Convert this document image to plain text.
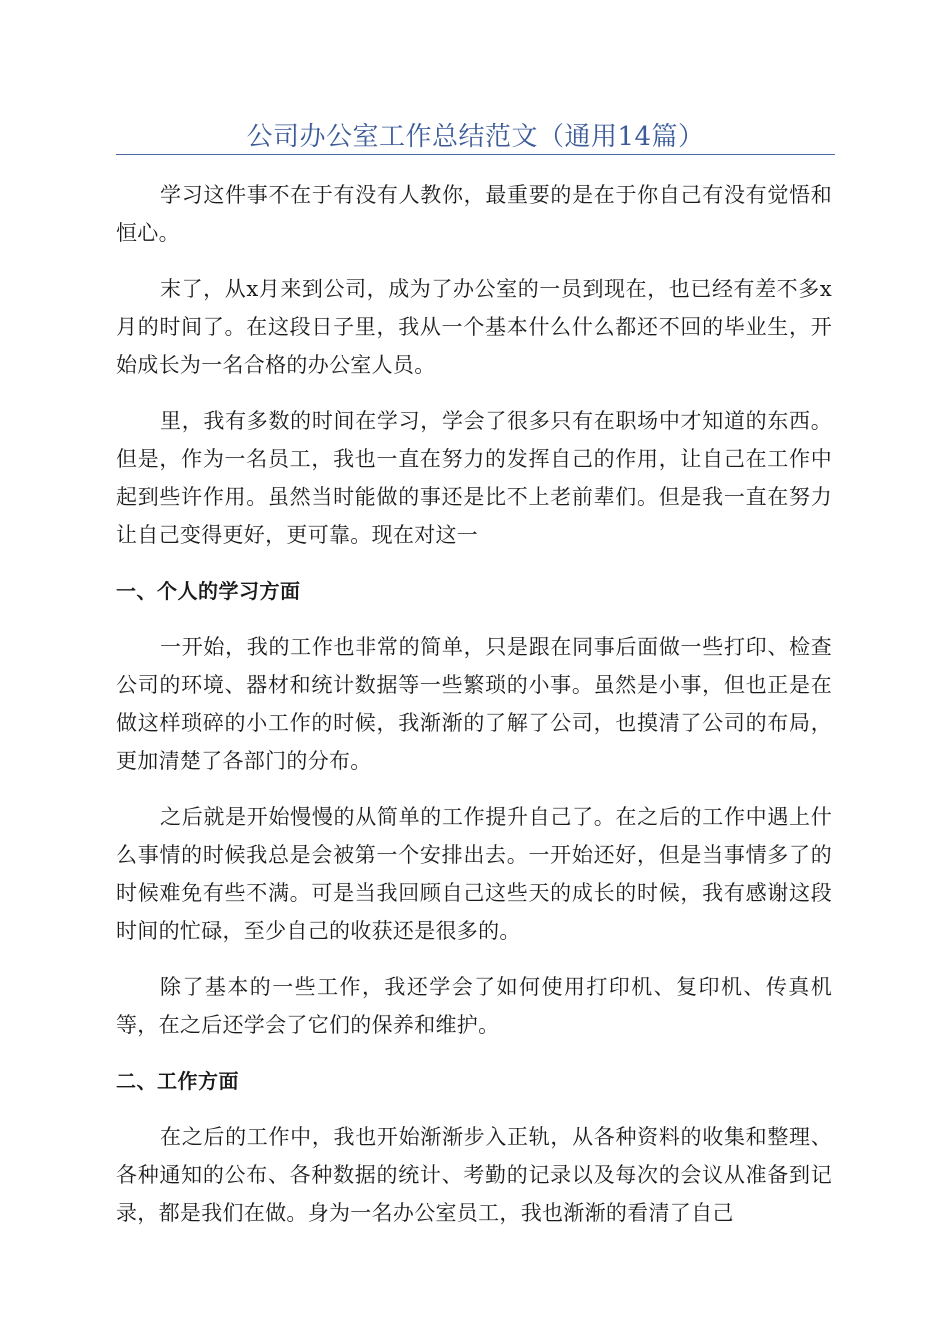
公司办公室工作总结范文（通用14篇）

学习这件事不在于有没有人教你，最重要的是在于你自己有没有觉悟和恒心。

末了，从x月来到公司，成为了办公室的一员到现在，也已经有差不多x月的时间了。在这段日子里，我从一个基本什么什么都还不回的毕业生，开始成长为一名合格的办公室人员。

里，我有多数的时间在学习，学会了很多只有在职场中才知道的东西。但是，作为一名员工，我也一直在努力的发挥自己的作用，让自己在工作中起到些许作用。虽然当时能做的事还是比不上老前辈们。但是我一直在努力让自己变得更好，更可靠。现在对这一

一、个人的学习方面

一开始，我的工作也非常的简单，只是跟在同事后面做一些打印、检查公司的环境、器材和统计数据等一些繁琐的小事。虽然是小事，但也正是在做这样琐碎的小工作的时候，我渐渐的了解了公司，也摸清了公司的布局，更加清楚了各部门的分布。

之后就是开始慢慢的从简单的工作提升自己了。在之后的工作中遇上什么事情的时候我总是会被第一个安排出去。一开始还好，但是当事情多了的时候难免有些不满。可是当我回顾自己这些天的成长的时候，我有感谢这段时间的忙碌，至少自己的收获还是很多的。

除了基本的一些工作，我还学会了如何使用打印机、复印机、传真机等，在之后还学会了它们的保养和维护。

二、工作方面

在之后的工作中，我也开始渐渐步入正轨，从各种资料的收集和整理、各种通知的公布、各种数据的统计、考勤的记录以及每次的会议从准备到记录，都是我们在做。身为一名办公室员工，我也渐渐的看清了自己
